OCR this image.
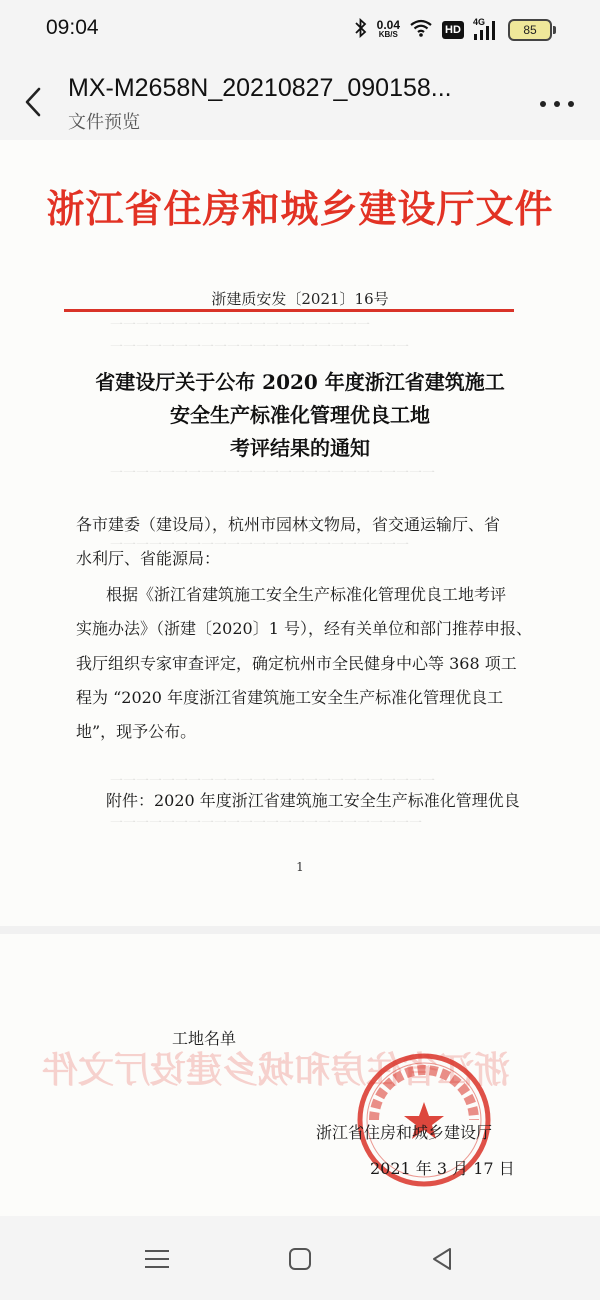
09:04	0.04
KB/S	HD
4G
85
MX-M2658N_20210827_090158...
文件预览
一一一一一一一一一一一一一一一一一一一一
一一一一一一一一一一一一一一一一一一一一一一一
一一一一一一一一一一一一一一一一一一一一一一一一一
一一一一一一一一一一一一一一一一一一一一一一一
一一一一一一一一一一一一一一一一一一一一一一一一一
一一一一一一一一一一一一一一一一一一一一一一一一
浙江省住房和城乡建设厅文件
浙建质安发〔2021〕16号
省建设厅关于公布 2020 年度浙江省建筑施工
安全生产标准化管理优良工地
考评结果的通知
各市建委（建设局），杭州市园林文物局，省交通运输厅、省
水利厅、省能源局：
根据《浙江省建筑施工安全生产标准化管理优良工地考评
实施办法》（浙建〔2020〕1 号），经有关单位和部门推荐申报、
我厅组织专家审查评定，确定杭州市全民健身中心等 368 项工
程为 “2020 年度浙江省建筑施工安全生产标准化管理优良工
地”，现予公布。
附件：2020 年度浙江省建筑施工安全生产标准化管理优良
1
工地名单
浙江省住房和城乡建设厅文件
浙江省住房和城乡建设厅
2021 年 3 月 17 日
